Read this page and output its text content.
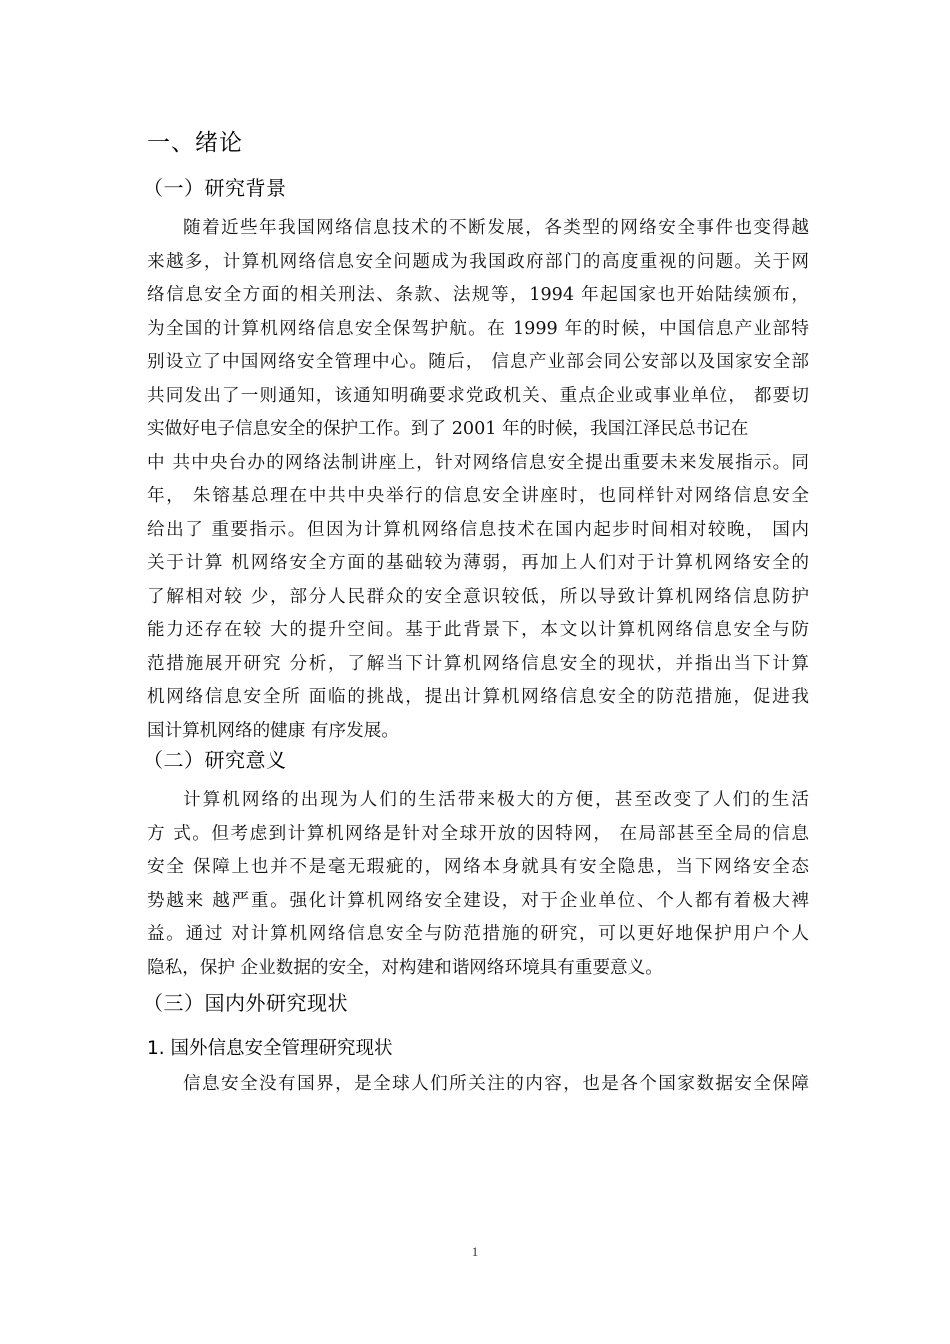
一、绪论
（一）研究背景
随着近些年我国网络信息技术的不断发展，各类型的网络安全事件也变得越
来越多，计算机网络信息安全问题成为我国政府部门的高度重视的问题。关于网
络信息安全方面的相关刑法、条款、法规等，1994 年起国家也开始陆续颁布，
为全国的计算机网络信息安全保驾护航。在 1999 年的时候，中国信息产业部特
别设立了中国网络安全管理中心。随后， 信息产业部会同公安部以及国家安全部
共同发出了一则通知，该通知明确要求党政机关、重点企业或事业单位， 都要切
实做好电子信息安全的保护工作。到了 2001 年的时候，我国江泽民总书记在
中 共中央台办的网络法制讲座上，针对网络信息安全提出重要未来发展指示。同
年， 朱镕基总理在中共中央举行的信息安全讲座时，也同样针对网络信息安全
给出了 重要指示。但因为计算机网络信息技术在国内起步时间相对较晚， 国内
关于计算 机网络安全方面的基础较为薄弱，再加上人们对于计算机网络安全的
了解相对较 少，部分人民群众的安全意识较低，所以导致计算机网络信息防护
能力还存在较 大的提升空间。基于此背景下，本文以计算机网络信息安全与防
范措施展开研究 分析，了解当下计算机网络信息安全的现状，并指出当下计算
机网络信息安全所 面临的挑战，提出计算机网络信息安全的防范措施，促进我
国计算机网络的健康 有序发展。
（二）研究意义
计算机网络的出现为人们的生活带来极大的方便，甚至改变了人们的生活
方 式。但考虑到计算机网络是针对全球开放的因特网， 在局部甚至全局的信息
安全 保障上也并不是毫无瑕疵的，网络本身就具有安全隐患，当下网络安全态
势越来 越严重。强化计算机网络安全建设，对于企业单位、个人都有着极大裨
益。通过 对计算机网络信息安全与防范措施的研究，可以更好地保护用户个人
隐私，保护 企业数据的安全，对构建和谐网络环境具有重要意义。
（三）国内外研究现状
1. 国外信息安全管理研究现状
信息安全没有国界，是全球人们所关注的内容，也是各个国家数据安全保障
1
